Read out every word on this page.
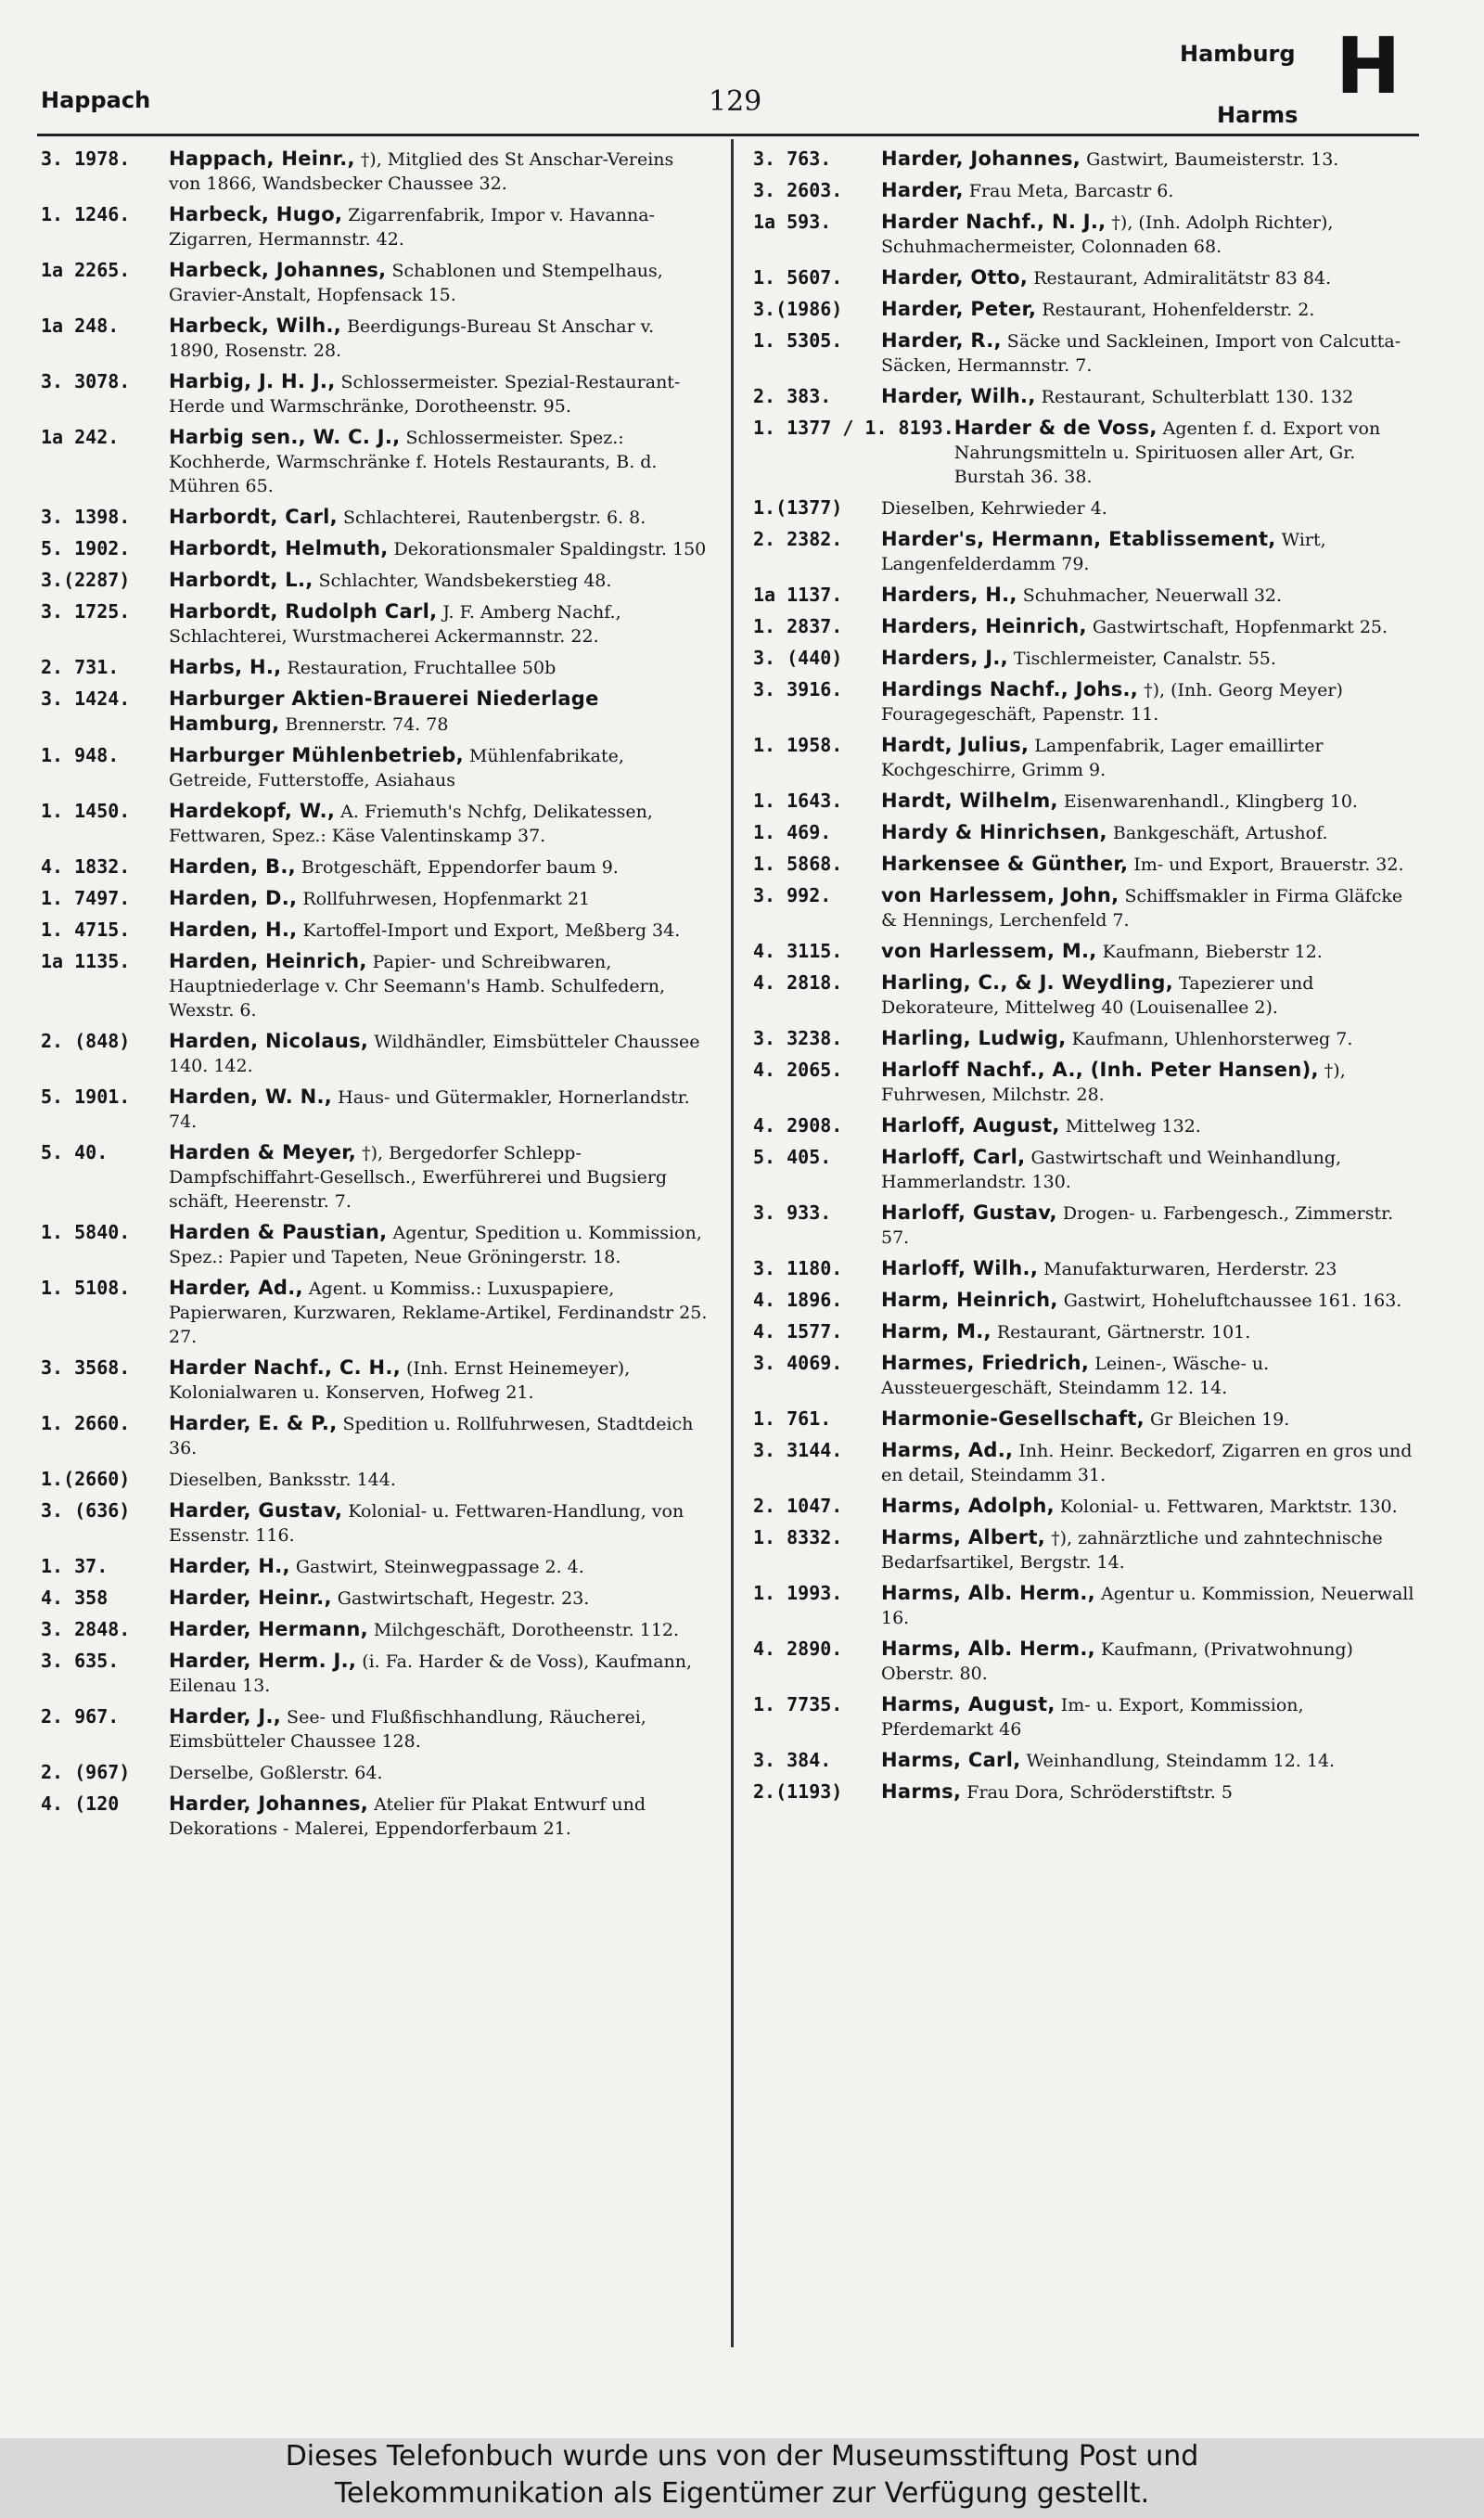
Happach	129
Hamburg
Harms
H
3. 1978.	Happach, Heinr., †), Mitglied des St Anschar-Vereins von 1866, Wandsbecker Chaussee 32.
1. 1246.	Harbeck, Hugo, Zigarrenfabrik, Impor v. Havanna-Zigarren, Hermannstr. 42.
1a 2265.	Harbeck, Johannes, Schablonen und Stempelhaus, Gravier-Anstalt, Hopfensack 15.
1a 248.	Harbeck, Wilh., Beerdigungs-Bureau St Anschar v. 1890, Rosenstr. 28.
3. 3078.	Harbig, J. H. J., Schlossermeister. Spezial-Restaurant-Herde und Warmschränke, Dorotheenstr. 95.
1a 242.	Harbig sen., W. C. J., Schlossermeister. Spez.: Kochherde, Warmschränke f. Hotels Restaurants, B. d. Mühren 65.
3. 1398.	Harbordt, Carl, Schlachterei, Rautenbergstr. 6. 8.
5. 1902.	Harbordt, Helmuth, Dekorationsmaler Spaldingstr. 150
3.(2287)	Harbordt, L., Schlachter, Wandsbekerstieg 48.
3. 1725.	Harbordt, Rudolph Carl, J. F. Amberg Nachf., Schlachterei, Wurstmacherei Ackermannstr. 22.
2. 731.	Harbs, H., Restauration, Fruchtallee 50b
3. 1424.	Harburger Aktien-Brauerei Niederlage Hamburg, Brennerstr. 74. 78
1. 948.	Harburger Mühlenbetrieb, Mühlenfabrikate, Getreide, Futterstoffe, Asiahaus
1. 1450.	Hardekopf, W., A. Friemuth's Nchfg, Delikatessen, Fettwaren, Spez.: Käse Valentinskamp 37.
4. 1832.	Harden, B., Brotgeschäft, Eppendorfer baum 9.
1. 7497.	Harden, D., Rollfuhrwesen, Hopfenmarkt 21
1. 4715.	Harden, H., Kartoffel-Import und Export, Meßberg 34.
1a 1135.	Harden, Heinrich, Papier- und Schreibwaren, Hauptniederlage v. Chr Seemann's Hamb. Schulfedern, Wexstr. 6.
2. (848)	Harden, Nicolaus, Wildhändler, Eimsbütteler Chaussee 140. 142.
5. 1901.	Harden, W. N., Haus- und Gütermakler, Hornerlandstr. 74.
5. 40.	Harden & Meyer, †), Bergedorfer Schlepp-Dampfschiffahrt-Gesellsch., Ewerführerei und Bugsierg schäft, Heerenstr. 7.
1. 5840.	Harden & Paustian, Agentur, Spedition u. Kommission, Spez.: Papier und Tapeten, Neue Gröningerstr. 18.
1. 5108.	Harder, Ad., Agent. u Kommiss.: Luxuspapiere, Papierwaren, Kurzwaren, Reklame-Artikel, Ferdinandstr 25. 27.
3. 3568.	Harder Nachf., C. H., (Inh. Ernst Heinemeyer), Kolonialwaren u. Konserven, Hofweg 21.
1. 2660.	Harder, E. & P., Spedition u. Rollfuhrwesen, Stadtdeich 36.
1.(2660)	Dieselben, Banksstr. 144.
3. (636)	Harder, Gustav, Kolonial- u. Fettwaren-Handlung, von Essenstr. 116.
1. 37.	Harder, H., Gastwirt, Steinwegpassage 2. 4.
4. 358	Harder, Heinr., Gastwirtschaft, Hegestr. 23.
3. 2848.	Harder, Hermann, Milchgeschäft, Dorotheenstr. 112.
3. 635.	Harder, Herm. J., (i. Fa. Harder & de Voss), Kaufmann, Eilenau 13.
2. 967.	Harder, J., See- und Flußfischhandlung, Räucherei, Eimsbütteler Chaussee 128.
2. (967)	Derselbe, Goßlerstr. 64.
4. (120	Harder, Johannes, Atelier für Plakat Entwurf und Dekorations - Malerei, Eppendorferbaum 21.
3. 763.	Harder, Johannes, Gastwirt, Baumeisterstr. 13.
3. 2603.	Harder, Frau Meta, Barcastr 6.
1a 593.	Harder Nachf., N. J., †), (Inh. Adolph Richter), Schuhmachermeister, Colonnaden 68.
1. 5607.	Harder, Otto, Restaurant, Admiralitätstr 83 84.
3.(1986)	Harder, Peter, Restaurant, Hohenfelderstr. 2.
1. 5305.	Harder, R., Säcke und Sackleinen, Import von Calcutta-Säcken, Hermannstr. 7.
2. 383.	Harder, Wilh., Restaurant, Schulterblatt 130. 132
1. 1377 / 1. 8193. Harder & de Voss, Agenten f. d. Export von Nahrungsmitteln u. Spirituosen aller Art, Gr. Burstah 36. 38.
1.(1377)	Dieselben, Kehrwieder 4.
2. 2382.	Harder's, Hermann, Etablissement, Wirt, Langenfelderdamm 79.
1a 1137.	Harders, H., Schuhmacher, Neuerwall 32.
1. 2837.	Harders, Heinrich, Gastwirtschaft, Hopfenmarkt 25.
3. (440)	Harders, J., Tischlermeister, Canalstr. 55.
3. 3916.	Hardings Nachf., Johs., †), (Inh. Georg Meyer) Fouragegeschäft, Papenstr. 11.
1. 1958.	Hardt, Julius, Lampenfabrik, Lager emaillirter Kochgeschirre, Grimm 9.
1. 1643.	Hardt, Wilhelm, Eisenwarenhandl., Klingberg 10.
1. 469.	Hardy & Hinrichsen, Bankgeschäft, Artushof.
1. 5868.	Harkensee & Günther, Im- und Export, Brauerstr. 32.
3. 992.	von Harlessem, John, Schiffsmakler in Firma Gläfcke & Hennings, Lerchenfeld 7.
4. 3115.	von Harlessem, M., Kaufmann, Bieberstr 12.
4. 2818.	Harling, C., & J. Weydling, Tapezierer und Dekorateure, Mittelweg 40 (Louisenallee 2).
3. 3238.	Harling, Ludwig, Kaufmann, Uhlenhorsterweg 7.
4. 2065.	Harloff Nachf., A., (Inh. Peter Hansen), †), Fuhrwesen, Milchstr. 28.
4. 2908.	Harloff, August, Mittelweg 132.
5. 405.	Harloff, Carl, Gastwirtschaft und Weinhandlung, Hammerlandstr. 130.
3. 933.	Harloff, Gustav, Drogen- u. Farbengesch., Zimmerstr. 57.
3. 1180.	Harloff, Wilh., Manufakturwaren, Herderstr. 23
4. 1896.	Harm, Heinrich, Gastwirt, Hoheluftchaussee 161. 163.
4. 1577.	Harm, M., Restaurant, Gärtnerstr. 101.
3. 4069.	Harmes, Friedrich, Leinen-, Wäsche- u. Aussteuergeschäft, Steindamm 12. 14.
1. 761.	Harmonie-Gesellschaft, Gr Bleichen 19.
3. 3144.	Harms, Ad., Inh. Heinr. Beckedorf, Zigarren en gros und en detail, Steindamm 31.
2. 1047.	Harms, Adolph, Kolonial- u. Fettwaren, Marktstr. 130.
1. 8332.	Harms, Albert, †), zahnärztliche und zahntechnische Bedarfsartikel, Bergstr. 14.
1. 1993.	Harms, Alb. Herm., Agentur u. Kommission, Neuerwall 16.
4. 2890.	Harms, Alb. Herm., Kaufmann, (Privatwohnung) Oberstr. 80.
1. 7735.	Harms, August, Im- u. Export, Kommission, Pferdemarkt 46
3. 384.	Harms, Carl, Weinhandlung, Steindamm 12. 14.
2.(1193)	Harms, Frau Dora, Schröderstiftstr. 5
Dieses Telefonbuch wurde uns von der Museumsstiftung Post und
Telekommunikation als Eigentümer zur Verfügung gestellt.
